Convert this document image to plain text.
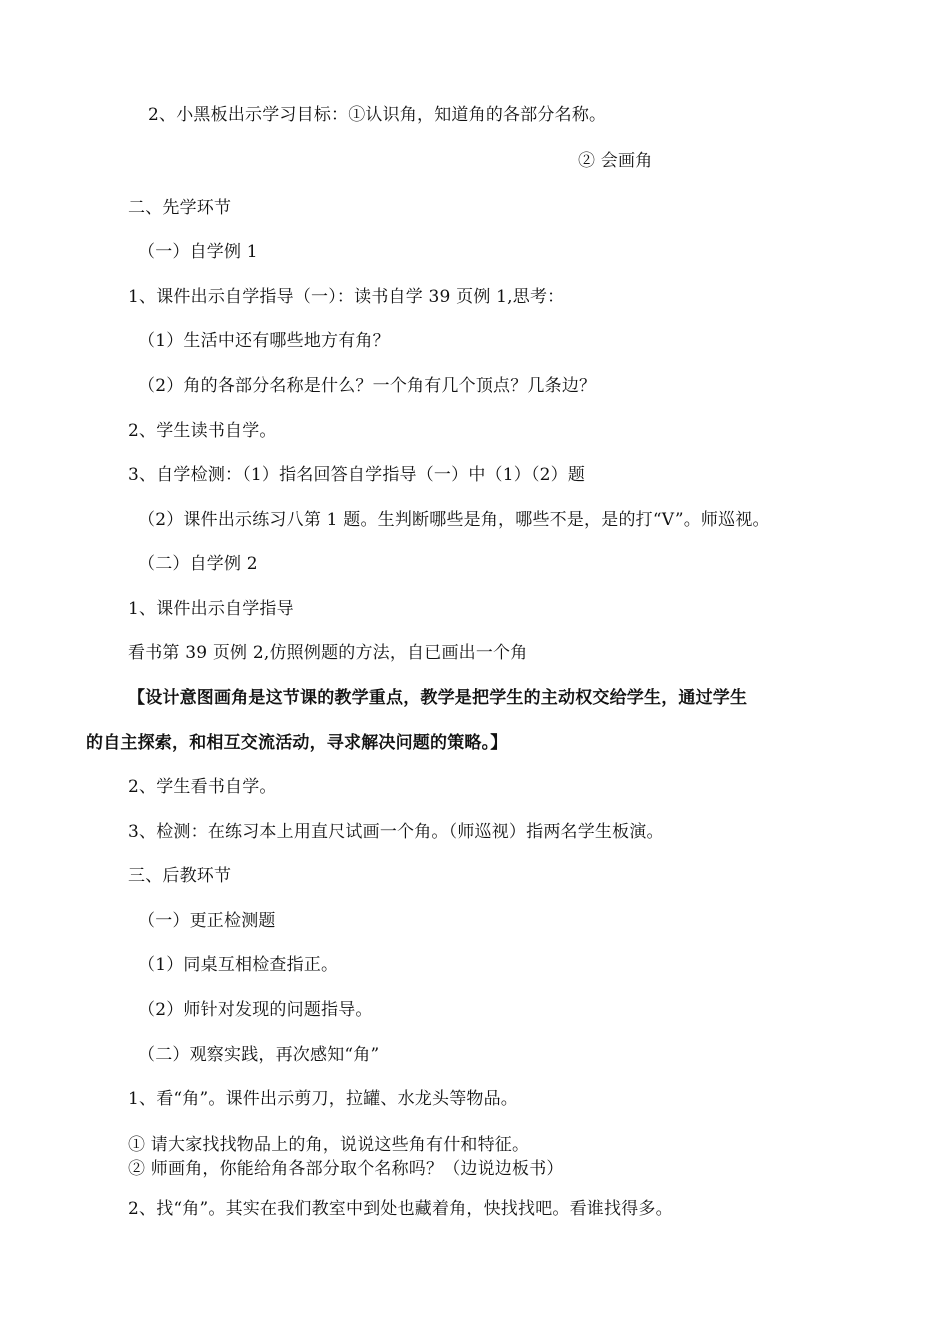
2、小黑板出示学习目标：①认识角，知道角的各部分名称。
② 会画角
二、先学环节
（一）自学例 1
1、课件出示自学指导（一）：读书自学 39 页例 1,思考：
（1）生活中还有哪些地方有角？
（2）角的各部分名称是什么？一个角有几个顶点？几条边？
2、学生读书自学。
3、自学检测：（1）指名回答自学指导（一）中（1）（2）题
（2）课件出示练习八第 1 题。生判断哪些是角，哪些不是，是的打“V”。师巡视。
（二）自学例 2
1、课件出示自学指导
看书第 39 页例 2,仿照例题的方法，自已画出一个角
【设计意图画角是这节课的教学重点，教学是把学生的主动权交给学生，通过学生
的自主探索，和相互交流活动，寻求解决问题的策略。】
2、学生看书自学。
3、检测：在练习本上用直尺试画一个角。（师巡视）指两名学生板演。
三、后教环节
（一）更正检测题
（1）同桌互相检查指正。
（2）师针对发现的问题指导。
（二）观察实践，再次感知“角”
1、看“角”。课件出示剪刀，拉罐、水龙头等物品。
① 请大家找找物品上的角，说说这些角有什和特征。
② 师画角，你能给角各部分取个名称吗？（边说边板书）
2、找“角”。其实在我们教室中到处也藏着角，快找找吧。看谁找得多。
